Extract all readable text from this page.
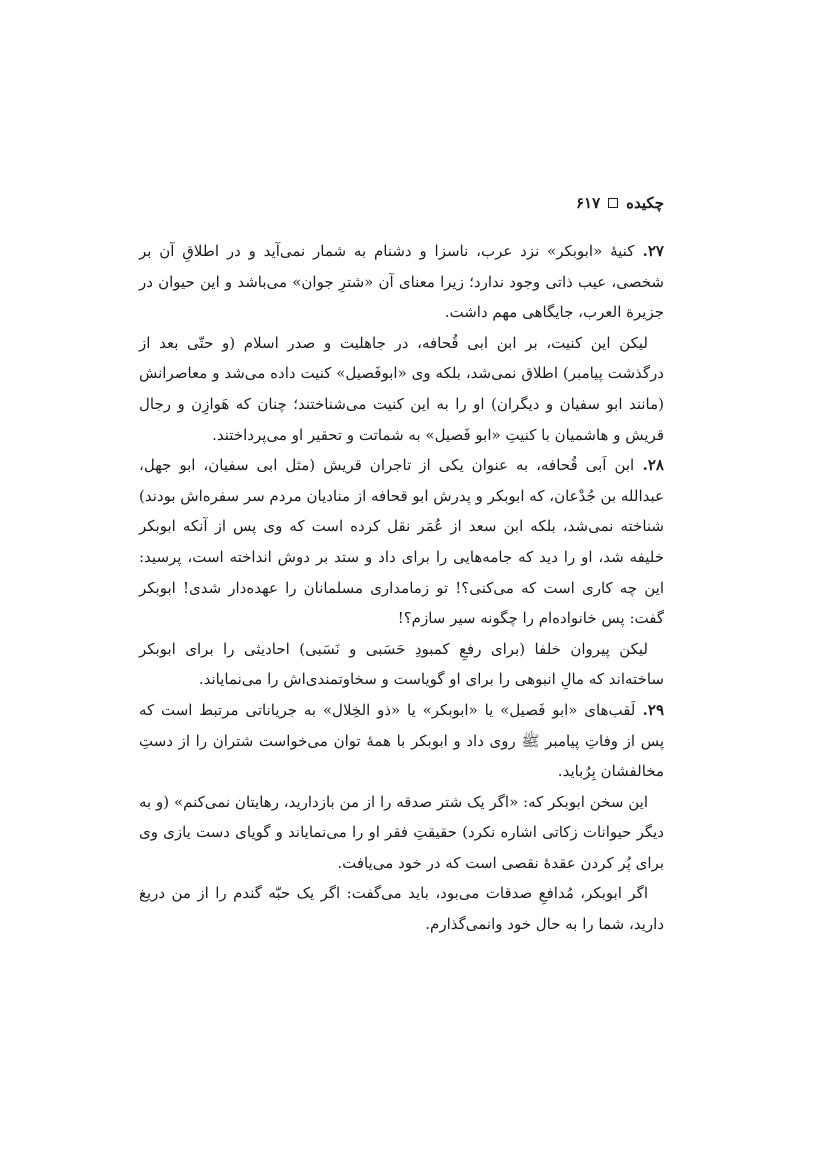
چکیده
۶۱۷

۲۷. کنیهٔ «ابوبکر» نزد عرب، ناسزا و دشنام به شمار نمی‌آید و در اطلاقِ آن بر شخصی، عیب ذاتی وجود ندارد؛ زیرا معنای آن «شترِ جوان» می‌باشد و این حیوان در جزیرة العرب، جایگاهی مهم داشت.

لیکن این کنیت، بر ابن ابی قُحافه، در جاهلیت و صدر اسلام (و حتّی بعد از درگذشت پیامبر) اطلاق نمی‌شد، بلکه وی «ابوفَصیل» کنیت داده می‌شد و معاصرانش (مانند ابو سفیان و دیگران) او را به این کنیت می‌شناختند؛ چنان که هَوازِن و رجال قریش و هاشمیان با کنیتِ «ابو فَصیل» به شماتت و تحقیر او می‌پرداختند.

۲۸. ابن اَبی قُحافه، به عنوان یکی از تاجران قریش (مثل ابی سفیان، ابو جهل، عبدالله بن جُدْعان، که ابوبکر و پدرش ابو قحافه از منادیان مردم سر سفره‌اش بودند) شناخته نمی‌شد، بلکه ابن سعد از عُمَر نقل کرده است که وی پس از آنکه ابوبکر خلیفه شد، او را دید که جامه‌هایی را برای داد و ستد بر دوش انداخته است، پرسید: این چه کاری است که می‌کنی؟! تو زمامداری مسلمانان را عهده‌دار شدی! ابوبکر گفت: پس خانواده‌ام را چگونه سیر سازم؟!

لیکن پیروان خلفا (برای رفعِ کمبودِ حَسَبی و نَسَبی) احادیثی را برای ابوبکر ساخته‌اند که مالِ انبوهی را برای او گویاست و سخاوتمندی‌اش را می‌نمایاند.

۲۹. لَقب‌های «ابو فَصیل» یا «ابوبکر» یا «ذو الخِلال» به جریاناتی مرتبط است که پس از وفاتِ پیامبر ﷺ روی داد و ابوبکر با همهٔ توان می‌خواست شتران را از دستِ مخالفشان بِرُباید.

این سخن ابوبکر که: «اگر یک شتر صدقه را از من بازدارید، رهایتان نمی‌کنم» (و به دیگر حیوانات زکاتی اشاره نکرد) حقیقتِ فقر او را می‌نمایاند و گویای دست یازی وی برای پُر کردن عقدهٔ نقصی است که در خود می‌یافت.

اگر ابوبکر، مُدافعِ صدقات می‌بود، باید می‌گفت: اگر یک حبّه گندم را از من دریغ دارید، شما را به حال خود وانمی‌گذارم.
